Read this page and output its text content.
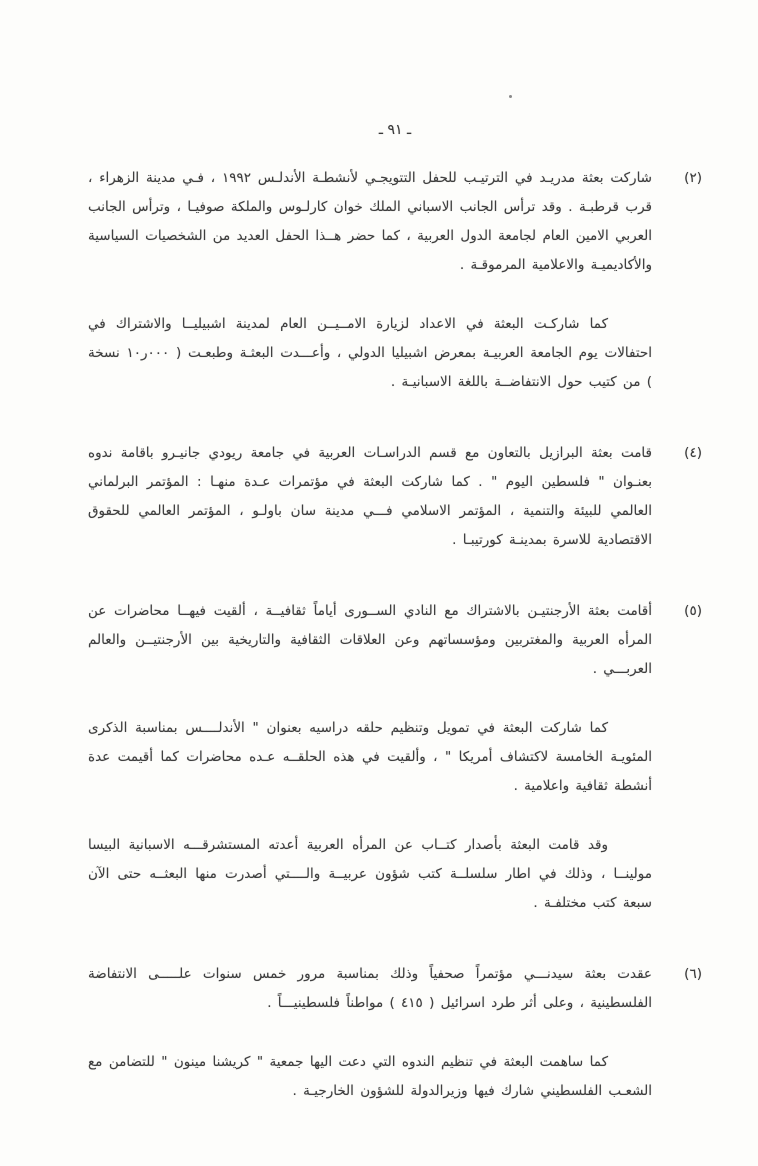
ـ ٩١ ـ
(٢)

شاركت بعثة مدريـد في الترتيـب للحفل التتويجـي لأنشطـة الأندلـس ١٩٩٢ ، فـي مدينة الزهراء ، قرب قرطبـة . وقد ترأس الجانب الاسباني الملك خوان كارلـوس والملكة صوفيـا ، وترأس الجانب العربي الامين العام لجامعة الدول العربية ، كما حضر هــذا الحفل العديد من الشخصيات السياسية والأكاديميـة والاعلامية المرموقـة .

كما شاركـت البعثة في الاعداد لزيارة الامــيــن العام لمدينة اشبيليــا والاشتراك في احتفالات يوم الجامعة العربيـة بمعرض اشبيليا الدولي ، وأعـــدت البعثـة وطبعـت ( ٠٠٠ر١٠ نسخة ) من كتيب حول الانتفاضــة باللغة الاسبانيـة .

(٤)

قامت بعثة البرازيل بالتعاون مع قسم الدراسـات العربية في جامعة ريودي جانيـرو باقامة ندوه بعنـوان " فلسطين اليوم " . كما شاركت البعثة في مؤتمرات عـدة منهـا : المؤتمر البرلماني العالمي للبيئة والتنمية ، المؤتمر الاسلامي فـــي مدينة سان باولـو ، المؤتمر العالمي للحقوق الاقتصادية للاسرة بمدينـة كورتيبـا .

(٥)

أقامت بعثة الأرجنتيـن بالاشتراك مع النادي الســورى أياماً ثقافيــة ، ألقيت فيهــا محاضرات عن المرأه العربية والمغتربين ومؤسساتهم وعن العلاقات الثقافية والتاريخية بين الأرجنتيــن والعالم العربـــي .

كما شاركت البعثة في تمويل وتنظيم حلقه دراسيه بعنوان " الأندلــــس بمناسبة الذكرى المئويـة الخامسة لاكتشاف أمريكا " ، وألقيت في هذه الحلقــه عـده محاضرات كما أقيمت عدة أنشطة ثقافية واعلامية .

وقد قامت البعثة بأصدار كتــاب عن المرأه العربية أعدته المستشرقـــه الاسبانية البيسا مولينــا ، وذلك في اطار سلسلــة كتب شؤون عربيــة والــــتي أصدرت منها البعثــه حتى الآن سبعة كتب مختلفـة .

(٦)

عقدت بعثة سيدنـــي مؤتمراً صحفياً وذلك بمناسبة مرور خمس سنوات علـــــى الانتفاضة الفلسطينية ، وعلى أثر طرد اسرائيل ( ٤١٥ ) مواطناً فلسطينيـــاً .

كما ساهمت البعثة في تنظيم الندوه التي دعت اليها جمعية " كريشنا مينون " للتضامن مع الشعـب الفلسطيني شارك فيها وزيرالدولة للشؤون الخارجيـة .
